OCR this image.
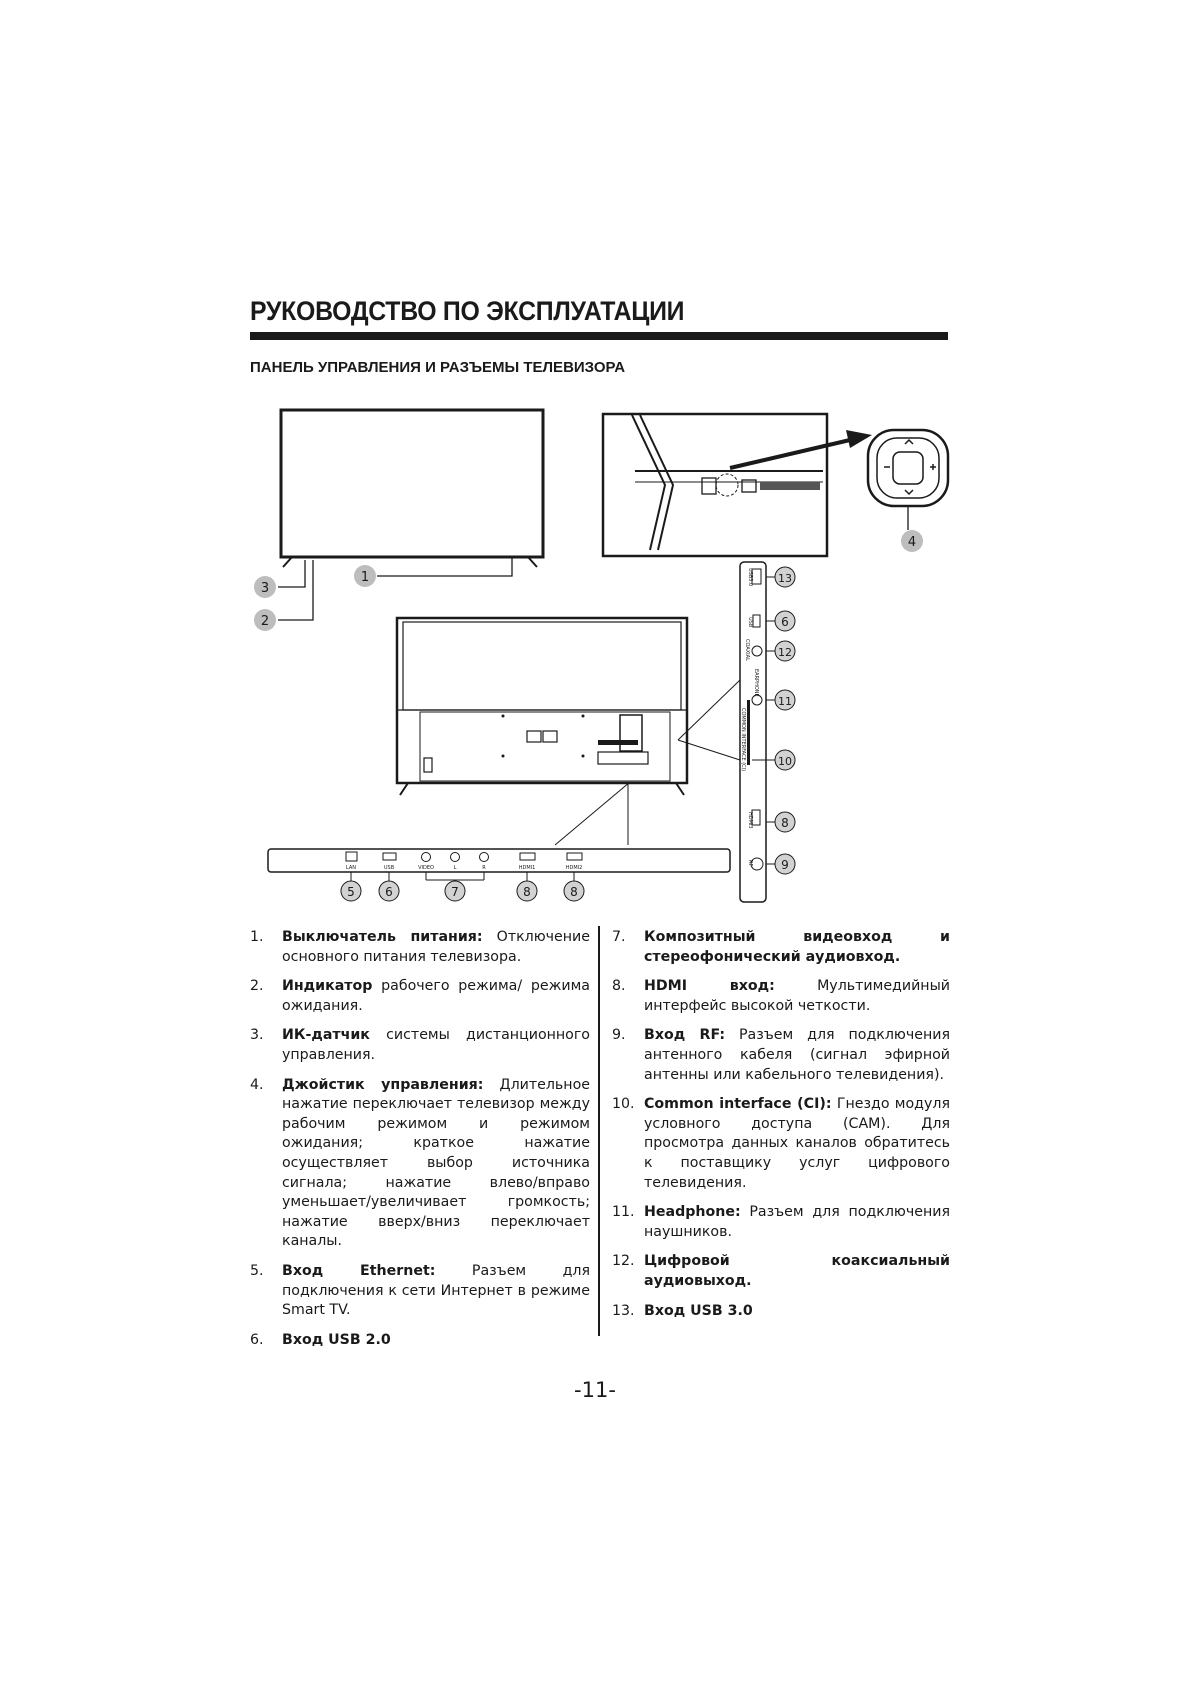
РУКОВОДСТВО ПО ЭКСПЛУАТАЦИИ
ПАНЕЛЬ УПРАВЛЕНИЯ И РАЗЪЕМЫ ТЕЛЕВИЗОРА
LAN	USB	VIDEO	L	R	HDMI1	HDMI2
USB3.0
USB
COAXIAL
EARPHONE
COMMON INTERFACE (CI)
HDMI3
RF
1
2
3
4
5	6	7	8	8
9
10
11
12
13
6
8
1. Выключатель питания: Отключение основного питания телевизора.
2. Индикатор рабочего режима/ режима ожидания.
3. ИК-датчик системы дистанционного управления.
4. Джойстик управления: Длительное нажатие переключает телевизор между рабочим режимом и режимом ожидания; краткое нажатие осуществляет выбор источника сигнала; нажатие влево/вправо уменьшает/увеличивает громкость; нажатие вверх/вниз переключает каналы.
5. Вход Ethernet: Разъем для подключения к сети Интернет в режиме Smart TV.
6. Вход USB 2.0
7. Композитный видеовход и стереофонический аудиовход.
8. HDMI вход: Мультимедийный интерфейс высокой четкости.
9. Вход RF: Разъем для подключения антенного кабеля (сигнал эфирной антенны или кабельного телевидения).
10. Common interface (CI): Гнездо модуля условного доступа (CAM). Для просмотра данных каналов обратитесь к поставщику услуг цифрового телевидения.
11. Headphone: Разъем для подключения наушников.
12. Цифровой коаксиальный аудиовыход.
13. Вход USB 3.0
-11-
